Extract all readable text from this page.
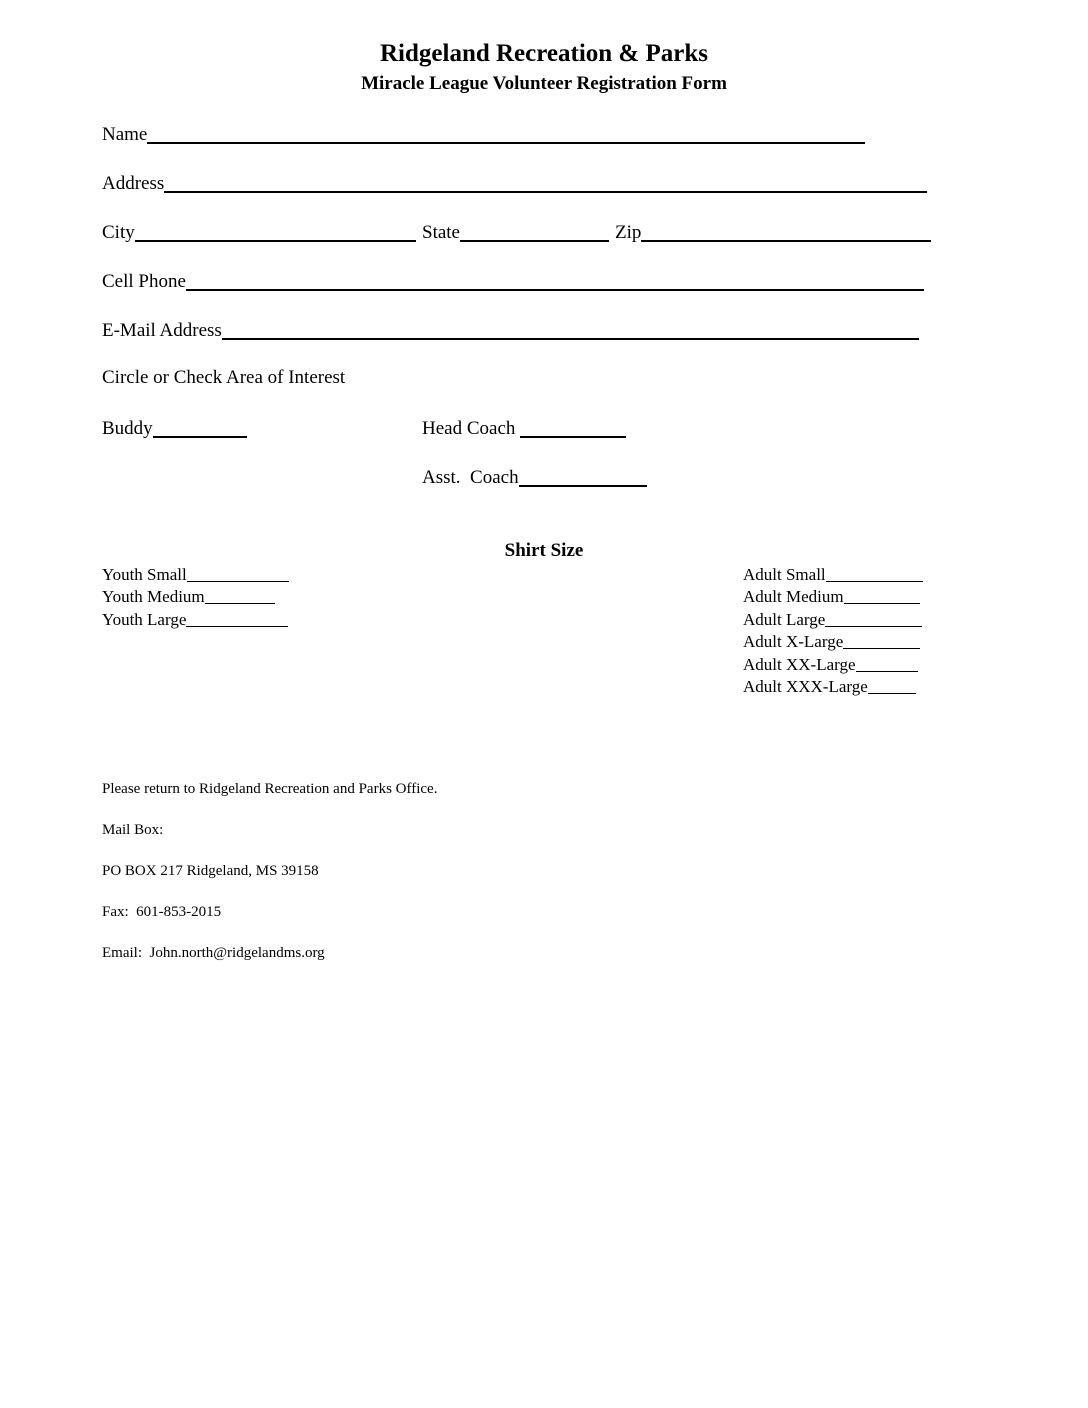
Ridgeland Recreation & Parks
Miracle League Volunteer Registration Form
Name
Address
City	State	Zip
Cell Phone
E-Mail Address
Circle or Check Area of Interest
Buddy	Head Coach
Asst.  Coach
Shirt Size
Youth Small
Youth Medium
Youth Large
Adult Small
Adult Medium
Adult Large
Adult X-Large
Adult XX-Large
Adult XXX-Large
Please return to Ridgeland Recreation and Parks Office.
Mail Box:
PO BOX 217 Ridgeland, MS 39158
Fax:  601-853-2015
Email:  John.north@ridgelandms.org
